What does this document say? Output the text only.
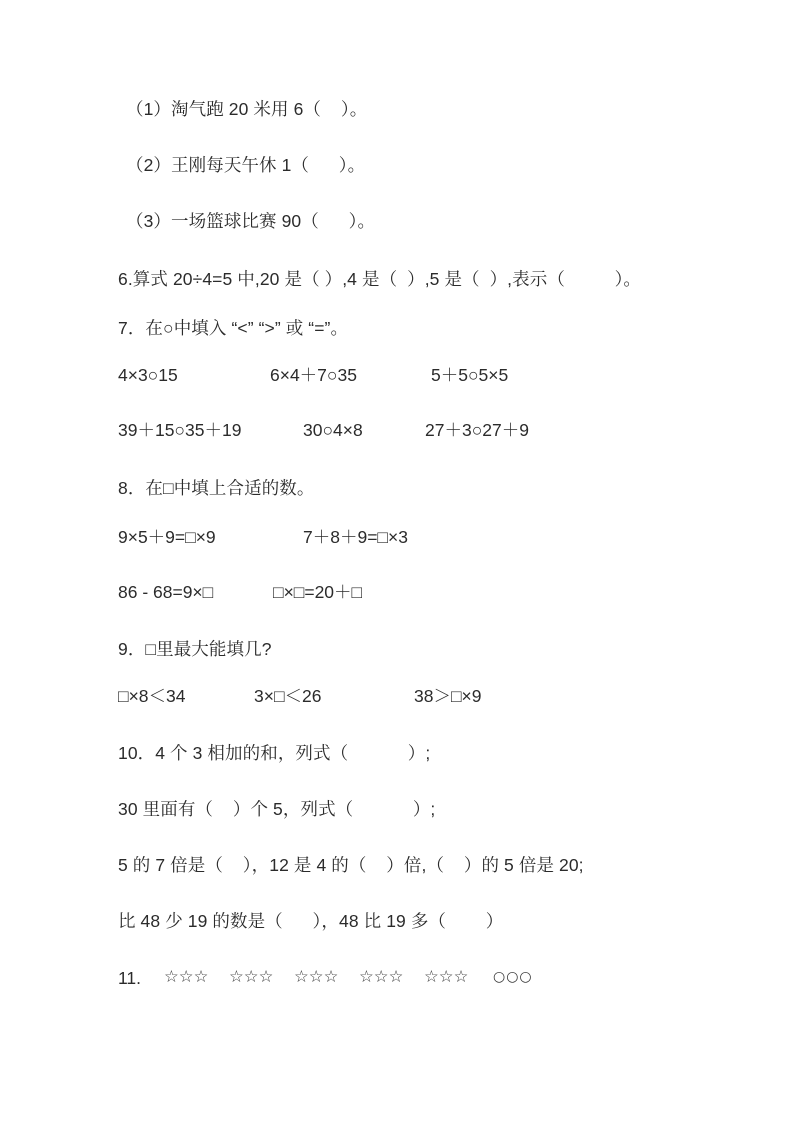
（1）淘气跑 20 米用 6（    ）。
（2）王刚每天午休 1（      ）。
（3）一场篮球比赛 90（      ）。
6.算式 20÷4=5 中,20 是（ ）,4 是（  ）,5 是（  ）,表示（          ）。
7．在○中填入 “<” “>” 或 “=”。

4×3○15

	6×4＋7○35

	5＋5○5×5

39＋15○35＋19

	30○4×8

	27＋3○27＋9

8．在□中填上合适的数。

9×5＋9=□×9

	7＋8＋9=□×3

86 - 68=9×□

	□×□=20＋□

9．□里最大能填几?

□×8＜34

	3×□＜26

	38＞□×9

10．4 个 3 相加的和，列式（            ）;
30 里面有（    ）个 5，列式（            ）;
5 的 7 倍是（    ），12 是 4 的（    ）倍,（    ）的 5 倍是 20;
比 48 少 19 的数是（      ），48 比 19 多（        ）

11.

☆☆☆

☆☆☆

☆☆☆

☆☆☆

☆☆☆

○○○
